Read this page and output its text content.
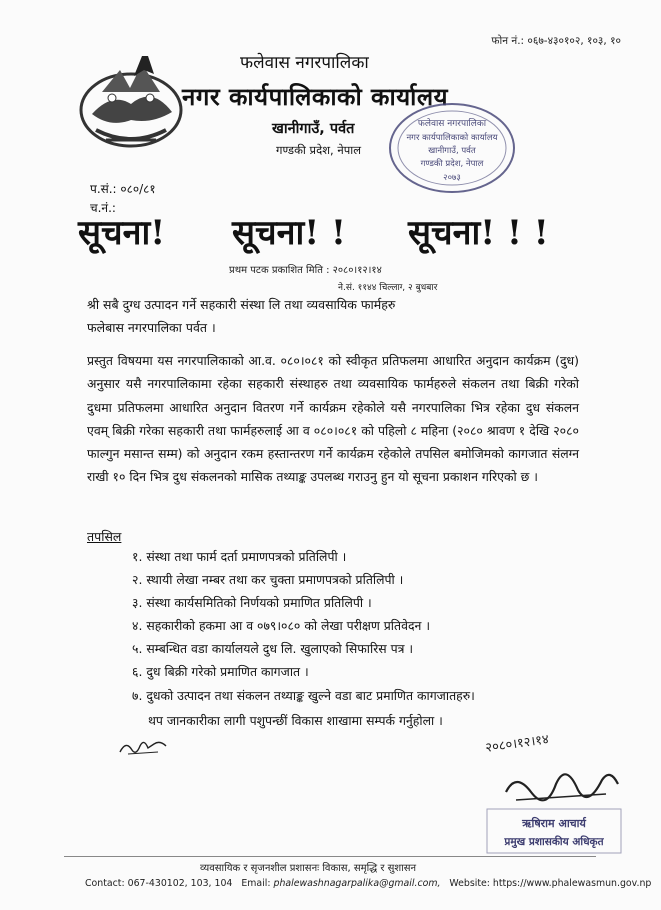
फोन नं.: ०६७-४३०१०२, १०३, १०
फलेवास नगरपालिका
नगर कार्यपालिकाको कार्यालय
खानीगाउँ, पर्वत
गण्डकी प्रदेश, नेपाल
फलेवास नगरपालिका
नगर कार्यपालिकाको कार्यालय
खानीगाउँ, पर्वत
गण्डकी प्रदेश, नेपाल
२०७३
प.सं.: ०८०/८१
च.नं.:
सूचना! सूचना! ! सूचना! ! !
प्रथम पटक प्रकाशित मिति : २०८०।१२।१४
ने.सं. ११४४ चिल्लाग्‍, २ बुधबार
श्री सबै दुग्ध उत्पादन गर्ने सहकारी संस्था लि तथा व्यवसायिक फार्महरु
फलेबास नगरपालिका पर्वत ।

प्रस्तुत विषयमा यस नगरपालिकाको आ.व. ०८०।०८१ को स्वीकृत प्रतिफलमा आधारित अनुदान कार्यक्रम (दुध) अनुसार यसै नगरपालिकामा रहेका सहकारी संस्थाहरु तथा व्यवसायिक फार्महरुले संकलन तथा बिक्री गरेको दुधमा प्रतिफलमा आधारित अनुदान वितरण गर्ने कार्यक्रम रहेकोले यसै नगरपालिका भित्र रहेका दुध संकलन एवम् बिक्री गरेका सहकारी तथा फार्महरुलाई आ व ०८०।०८१ को पहिलो ८ महिना (२०८० श्रावण १ देखि २०८० फाल्गुन मसान्त सम्म) को अनुदान रकम हस्तान्तरण गर्ने कार्यक्रम रहेकोले तपसिल बमोजिमको कागजात संलग्न राखी १० दिन भित्र दुध संकलनको मासिक तथ्याङ्क उपलब्ध गराउनु हुन यो सूचना प्रकाशन गरिएको छ ।

तपसिल
१. संस्था तथा फार्म दर्ता प्रमाणपत्रको प्रतिलिपी ।
२. स्थायी लेखा नम्बर तथा कर चुक्ता प्रमाणपत्रको प्रतिलिपी ।
३. संस्था कार्यसमितिको निर्णयको प्रमाणित प्रतिलिपी ।
४. सहकारीको हकमा आ व ०७९।०८० को लेखा परीक्षण प्रतिवेदन ।
५. सम्बन्धित वडा कार्यालयले दुध लि. खुलाएको सिफारिस पत्र ।
६. दुध बिक्री गरेको प्रमाणित कागजात ।
७. दुधको उत्पादन तथा संकलन तथ्याङ्क खुल्ने वडा बाट प्रमाणित कागजातहरु।
थप जानकारीका लागी पशुपन्छीं विकास शाखामा सम्पर्क गर्नुहोला ।
२०८०।१२।१४
ऋषिराम आचार्य
प्रमुख प्रशासकीय अधिकृत
व्यवसायिक र सृजनशील प्रशासनः विकास, समृद्धि र सुशासन
Contact: 067-430102, 103, 104 Email: phalewashnagarpalika@gmail.com, Website: https://www.phalewasmun.gov.np
